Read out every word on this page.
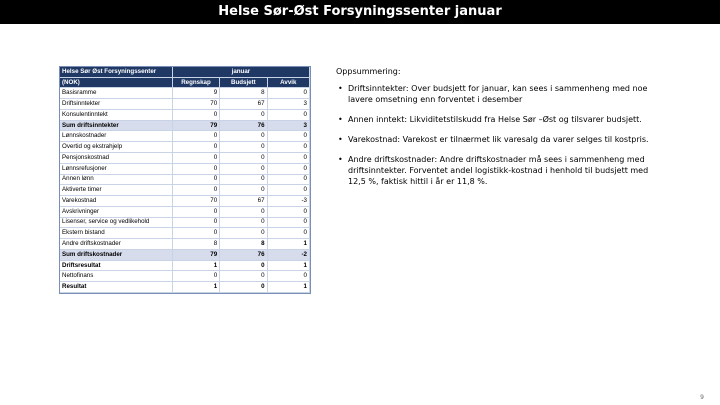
Helse Sør-Øst Forsyningssenter januar
Helse Sør Øst Forsyningssenter	januar		
(NOK)	Regnskap	Budsjett	Avvik
Basisramme	9	8	0
Driftsinntekter	70	67	3
Konsulentinntekt	0	0	0
Sum driftsinntekter	79	76	3
Lønnskostnader	0	0	0
Overtid og ekstrahjelp	0	0	0
Pensjonskostnad	0	0	0
Lønnsrefusjoner	0	0	0
Annen lønn	0	0	0
Aktiverte timer	0	0	0
Varekostnad	70	67	-3
Avskrivninger	0	0	0
Lisenser, service og vedlikehold	0	0	0
Ekstern bistand	0	0	0
Andre driftskostnader	8	8	1
Sum driftskostnader	79	76	-2
Driftsresultat	1	0	1
Nettofinans	0	0	0
Resultat	1	0	1
Oppsummering:
• Driftsinntekter: Over budsjett for januar, kan sees i sammenheng med noe lavere omsetning enn forventet i desember
• Annen inntekt: Likviditetstilskudd fra Helse Sør –Øst og tilsvarer budsjett.
• Varekostnad: Varekost er tilnærmet lik varesalg da varer selges til kostpris.
• Andre driftskostnader: Andre driftskostnader må sees i sammenheng med driftsinntekter. Forventet andel logistikk-kostnad i henhold til budsjett med 12,5 %, faktisk hittil i år er 11,8 %.
9
